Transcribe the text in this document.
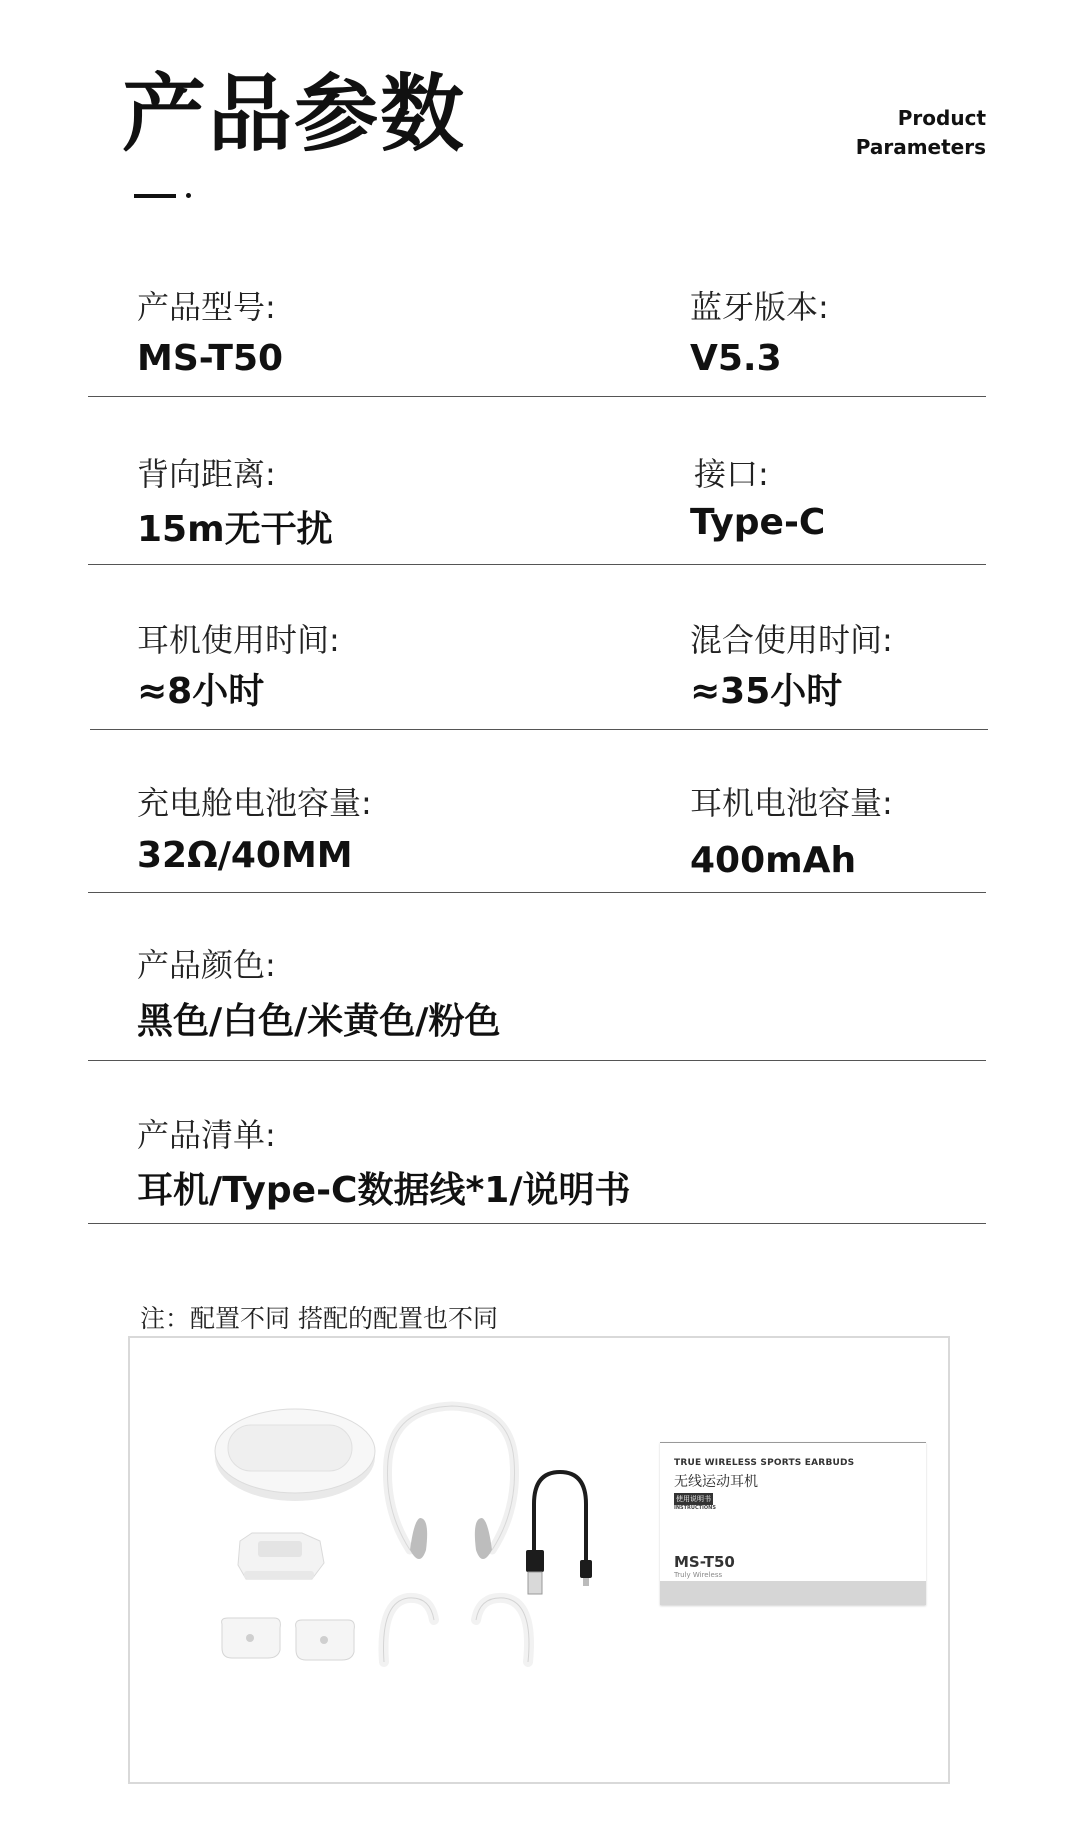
产品参数	Product
Parameters
产品型号:
MS-T50
蓝牙版本:
V5.3
背向距离:
15m无干扰
接口:
Type-C
耳机使用时间:
≈8小时
混合使用时间:
≈35小时
充电舱电池容量:
32Ω/40MM
耳机电池容量:
400mAh
产品颜色:
黑色/白色/米黄色/粉色
产品清单:
耳机/Type-C数据线*1/说明书
注：配置不同 搭配的配置也不同
TRUE WIRELESS SPORTS EARBUDS
无线运动耳机
使用说明书
INSTRUCTIONS
MS-T50
Truly Wireless
